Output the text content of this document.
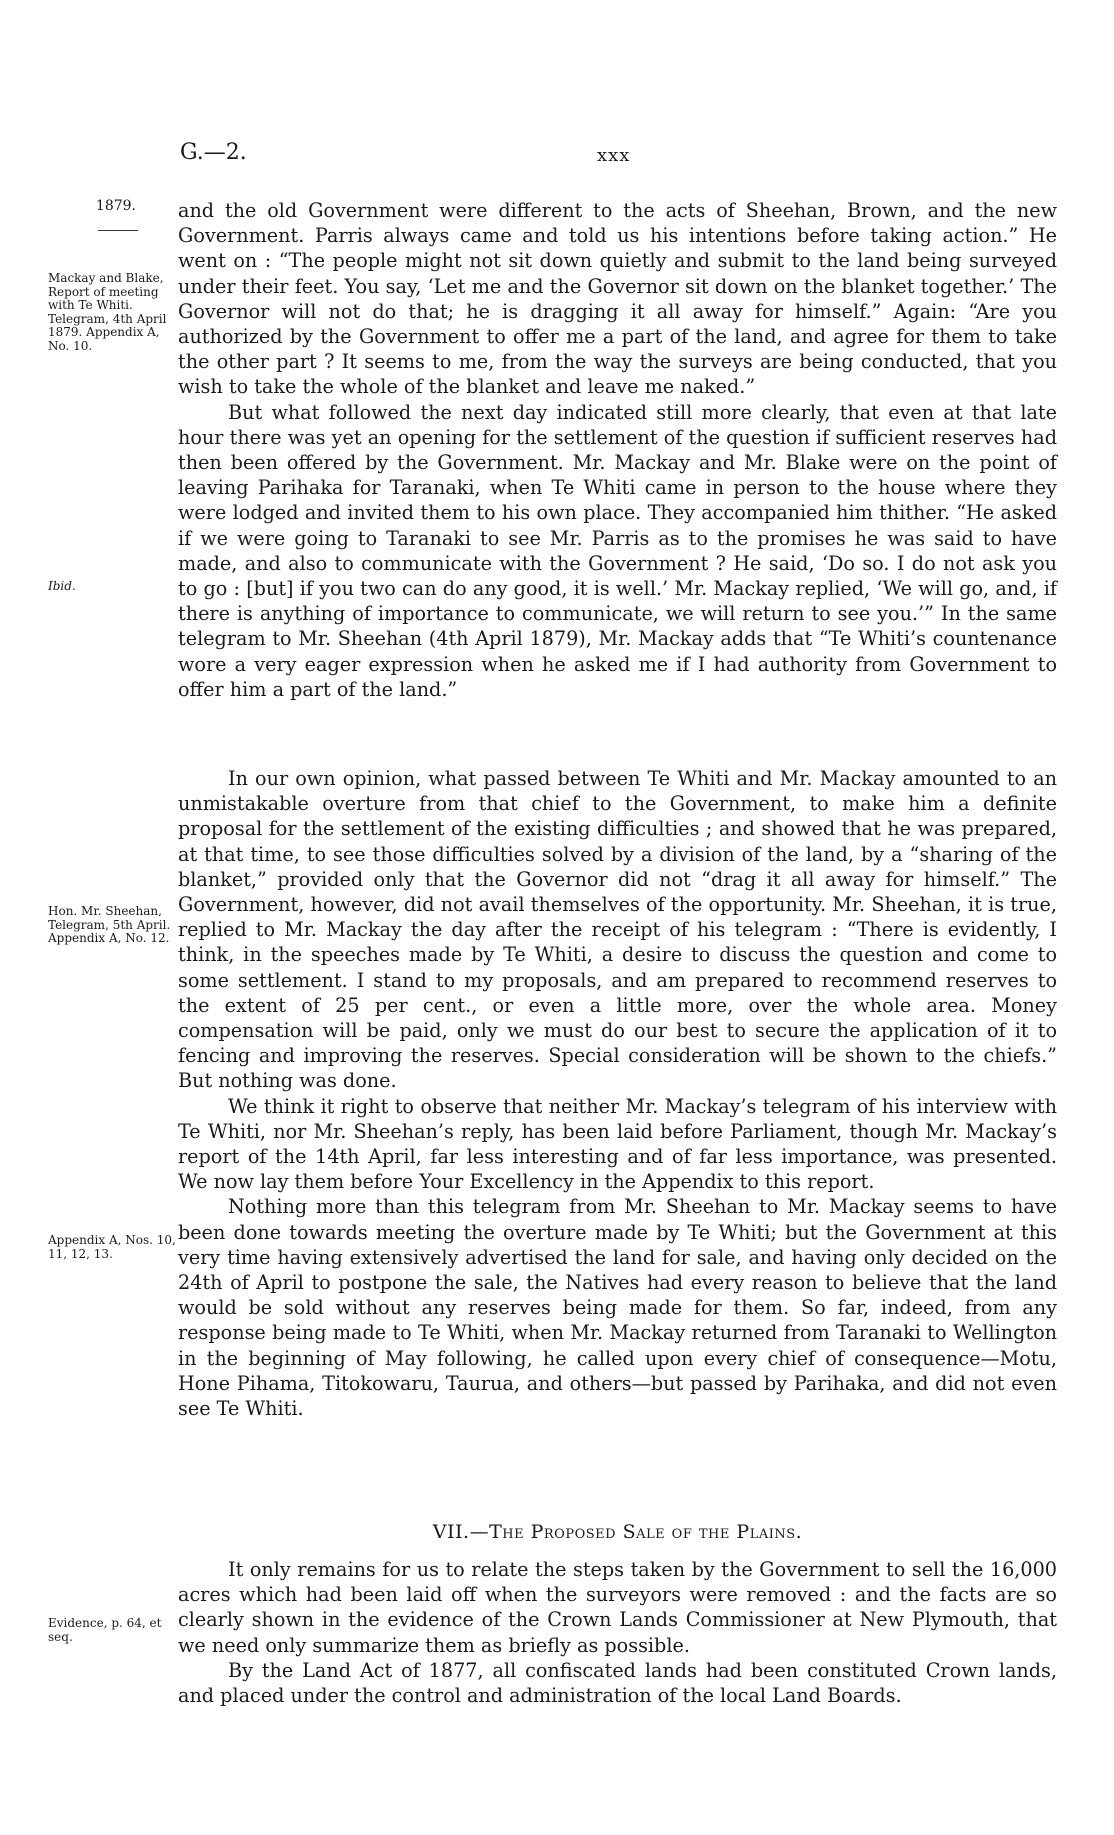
G.—2.	xxx
1879.
Mackay and Blake, Report of meeting with Te Whiti. Telegram, 4th April 1879. Appendix A, No. 10.
Ibid.
Hon. Mr. Sheehan, Telegram, 5th April. Appendix A, No. 12.
Appendix A, Nos. 10, 11, 12, 13.
Evidence, p. 64, et seq.

and the old Government were different to the acts of Sheehan, Brown, and the new Government. Parris always came and told us his intentions before taking action.” He went on : “The people might not sit down quietly and submit to the land being surveyed under their feet. You say, ‘Let me and the Governor sit down on the blanket together.’ The Governor will not do that; he is dragging it all away for himself.” Again: “Are you authorized by the Government to offer me a part of the land, and agree for them to take the other part ? It seems to me, from the way the surveys are being conducted, that you wish to take the whole of the blanket and leave me naked.”

But what followed the next day indicated still more clearly, that even at that late hour there was yet an opening for the settlement of the question if sufficient reserves had then been offered by the Government. Mr. Mackay and Mr. Blake were on the point of leaving Parihaka for Taranaki, when Te Whiti came in person to the house where they were lodged and invited them to his own place. They accompanied him thither. “He asked if we were going to Taranaki to see Mr. Parris as to the promises he was said to have made, and also to communicate with the Government ? He said, ‘Do so. I do not ask you to go : [but] if you two can do any good, it is well.’ Mr. Mackay replied, ‘We will go, and, if there is anything of importance to communicate, we will return to see you.’” In the same telegram to Mr. Sheehan (4th April 1879), Mr. Mackay adds that “Te Whiti’s countenance wore a very eager expression when he asked me if I had authority from Government to offer him a part of the land.”

In our own opinion, what passed between Te Whiti and Mr. Mackay amounted to an unmistakable overture from that chief to the Government, to make him a definite proposal for the settlement of the existing difficulties ; and showed that he was prepared, at that time, to see those difficulties solved by a division of the land, by a “sharing of the blanket,” provided only that the Governor did not “drag it all away for himself.” The Government, however, did not avail themselves of the opportunity. Mr. Sheehan, it is true, replied to Mr. Mackay the day after the receipt of his telegram : “There is evidently, I think, in the speeches made by Te Whiti, a desire to discuss the question and come to some settlement. I stand to my proposals, and am prepared to recommend reserves to the extent of 25 per cent., or even a little more, over the whole area. Money compensation will be paid, only we must do our best to secure the application of it to fencing and improving the reserves. Special consideration will be shown to the chiefs.” But nothing was done.

We think it right to observe that neither Mr. Mackay’s telegram of his interview with Te Whiti, nor Mr. Sheehan’s reply, has been laid before Parliament, though Mr. Mackay’s report of the 14th April, far less interesting and of far less importance, was presented. We now lay them before Your Excellency in the Appendix to this report.

Nothing more than this telegram from Mr. Sheehan to Mr. Mackay seems to have been done towards meeting the overture made by Te Whiti; but the Government at this very time having extensively advertised the land for sale, and having only decided on the 24th of April to postpone the sale, the Natives had every reason to believe that the land would be sold without any reserves being made for them. So far, indeed, from any response being made to Te Whiti, when Mr. Mackay returned from Taranaki to Wellington in the beginning of May following, he called upon every chief of consequence—Motu, Hone Pihama, Titokowaru, Taurua, and others—but passed by Parihaka, and did not even see Te Whiti.

VII.—The Proposed Sale of the Plains.

It only remains for us to relate the steps taken by the Government to sell the 16,000 acres which had been laid off when the surveyors were removed : and the facts are so clearly shown in the evidence of the Crown Lands Commissioner at New Plymouth, that we need only summarize them as briefly as possible.

By the Land Act of 1877, all confiscated lands had been constituted Crown lands, and placed under the control and administration of the local Land Boards.
